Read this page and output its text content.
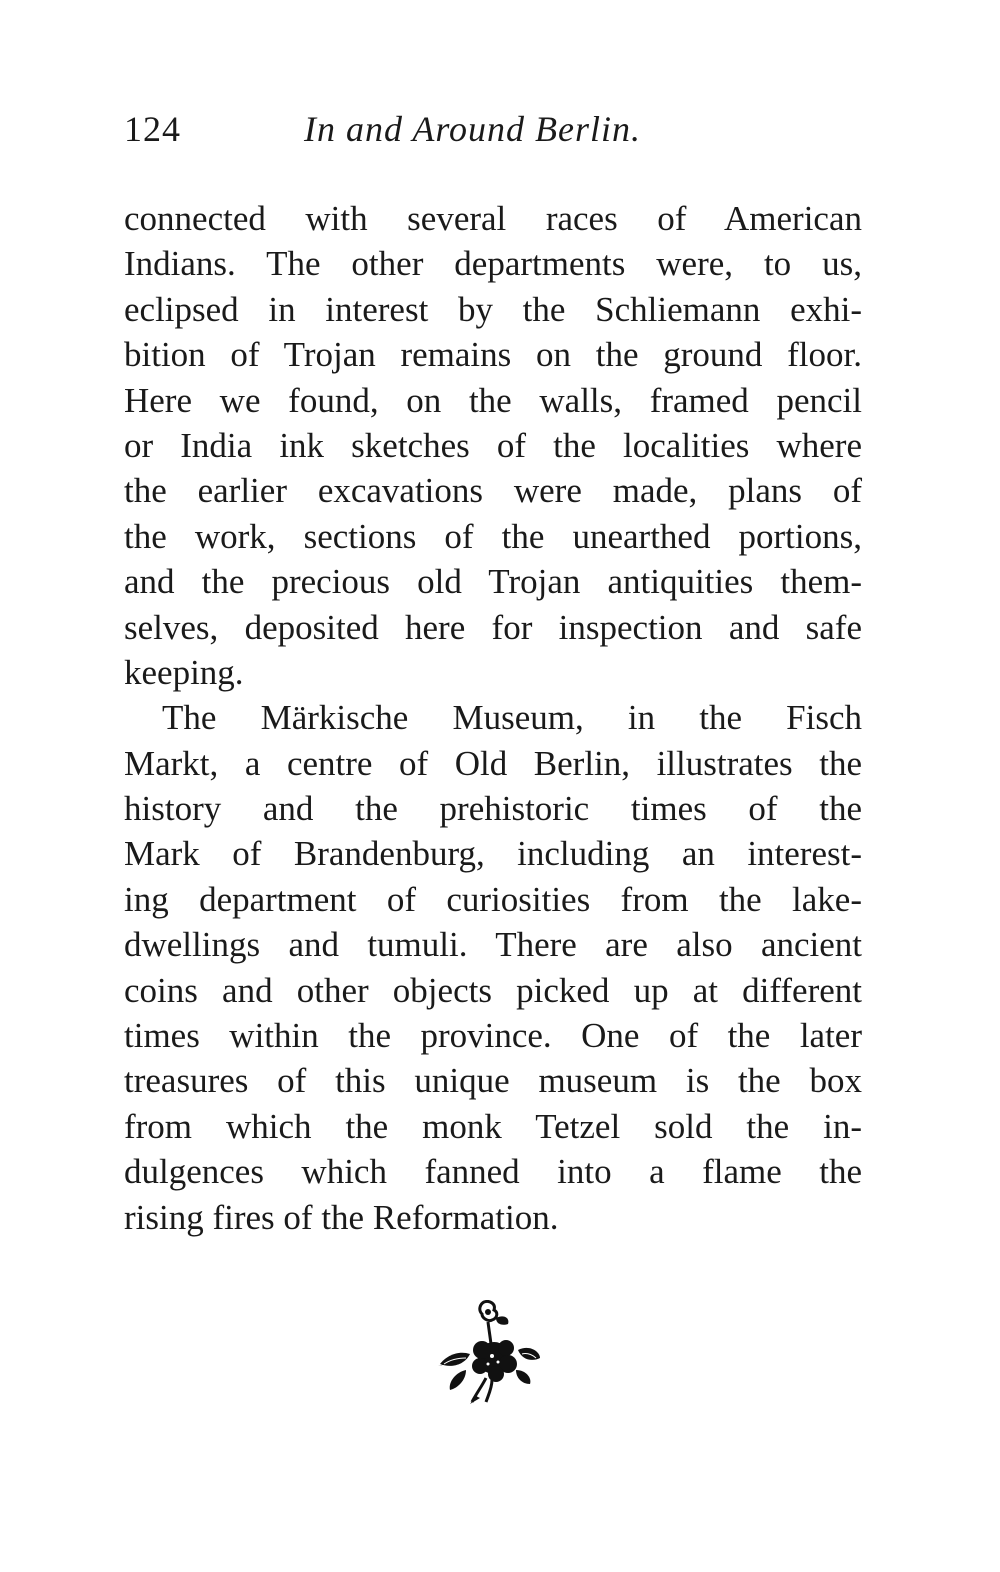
124	In and Around Berlin.
connected with several races of American
Indians. The other departments were, to us,
eclipsed in interest by the Schliemann exhi-
bition of Trojan remains on the ground floor.
Here we found, on the walls, framed pencil
or India ink sketches of the localities where
the earlier excavations were made, plans of
the work, sections of the unearthed portions,
and the precious old Trojan antiquities them-
selves, deposited here for inspection and safe
keeping.
The Märkische Museum, in the Fisch
Markt, a centre of Old Berlin, illustrates the
history and the prehistoric times of the
Mark of Brandenburg, including an interest-
ing department of curiosities from the lake-
dwellings and tumuli. There are also ancient
coins and other objects picked up at different
times within the province. One of the later
treasures of this unique museum is the box
from which the monk Tetzel sold the in-
dulgences which fanned into a flame the
rising fires of the Reformation.
